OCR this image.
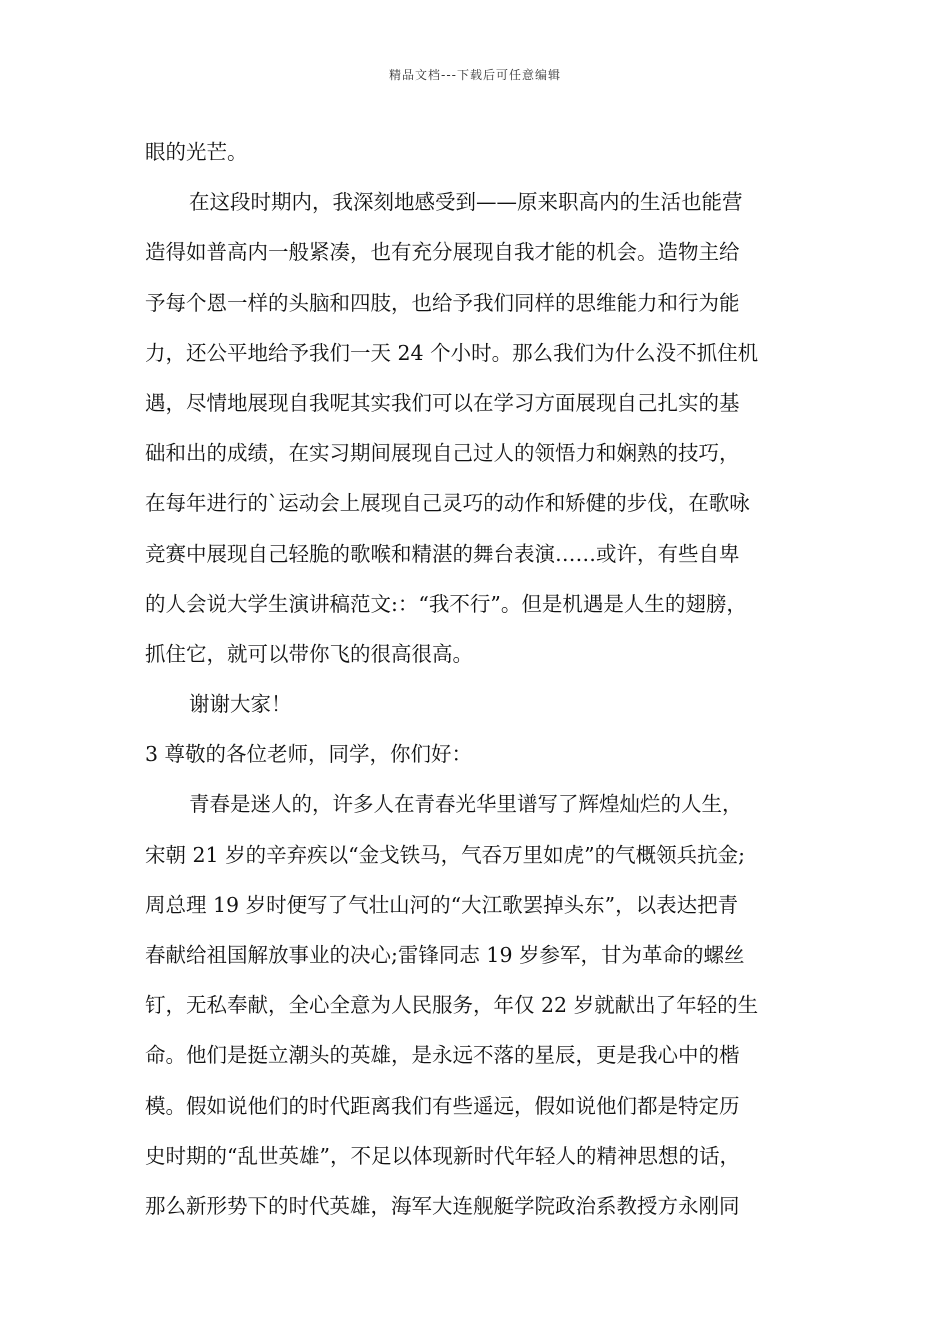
精品文档---下载后可任意编辑
眼的光芒。
在这段时期内，我深刻地感受到——原来职高内的生活也能营
造得如普高内一般紧凑，也有充分展现自我才能的机会。造物主给
予每个恩一样的头脑和四肢，也给予我们同样的思维能力和行为能
力，还公平地给予我们一天 24 个小时。那么我们为什么没不抓住机
遇，尽情地展现自我呢其实我们可以在学习方面展现自己扎实的基
础和出的成绩，在实习期间展现自己过人的领悟力和娴熟的技巧，
在每年进行的`运动会上展现自己灵巧的动作和矫健的步伐，在歌咏
竞赛中展现自己轻脆的歌喉和精湛的舞台表演……或许，有些自卑
的人会说大学生演讲稿范文:：“我不行”。但是机遇是人生的翅膀，
抓住它，就可以带你飞的很高很高。
谢谢大家！
3 尊敬的各位老师，同学，你们好：
青春是迷人的，许多人在青春光华里谱写了辉煌灿烂的人生，
宋朝 21 岁的辛弃疾以“金戈铁马，气吞万里如虎”的气概领兵抗金;
周总理 19 岁时便写了气壮山河的“大江歌罢掉头东”，以表达把青
春献给祖国解放事业的决心;雷锋同志 19 岁参军，甘为革命的螺丝
钉，无私奉献，全心全意为人民服务，年仅 22 岁就献出了年轻的生
命。他们是挺立潮头的英雄，是永远不落的星辰，更是我心中的楷
模。假如说他们的时代距离我们有些遥远，假如说他们都是特定历
史时期的“乱世英雄”，不足以体现新时代年轻人的精神思想的话，
那么新形势下的时代英雄，海军大连舰艇学院政治系教授方永刚同
